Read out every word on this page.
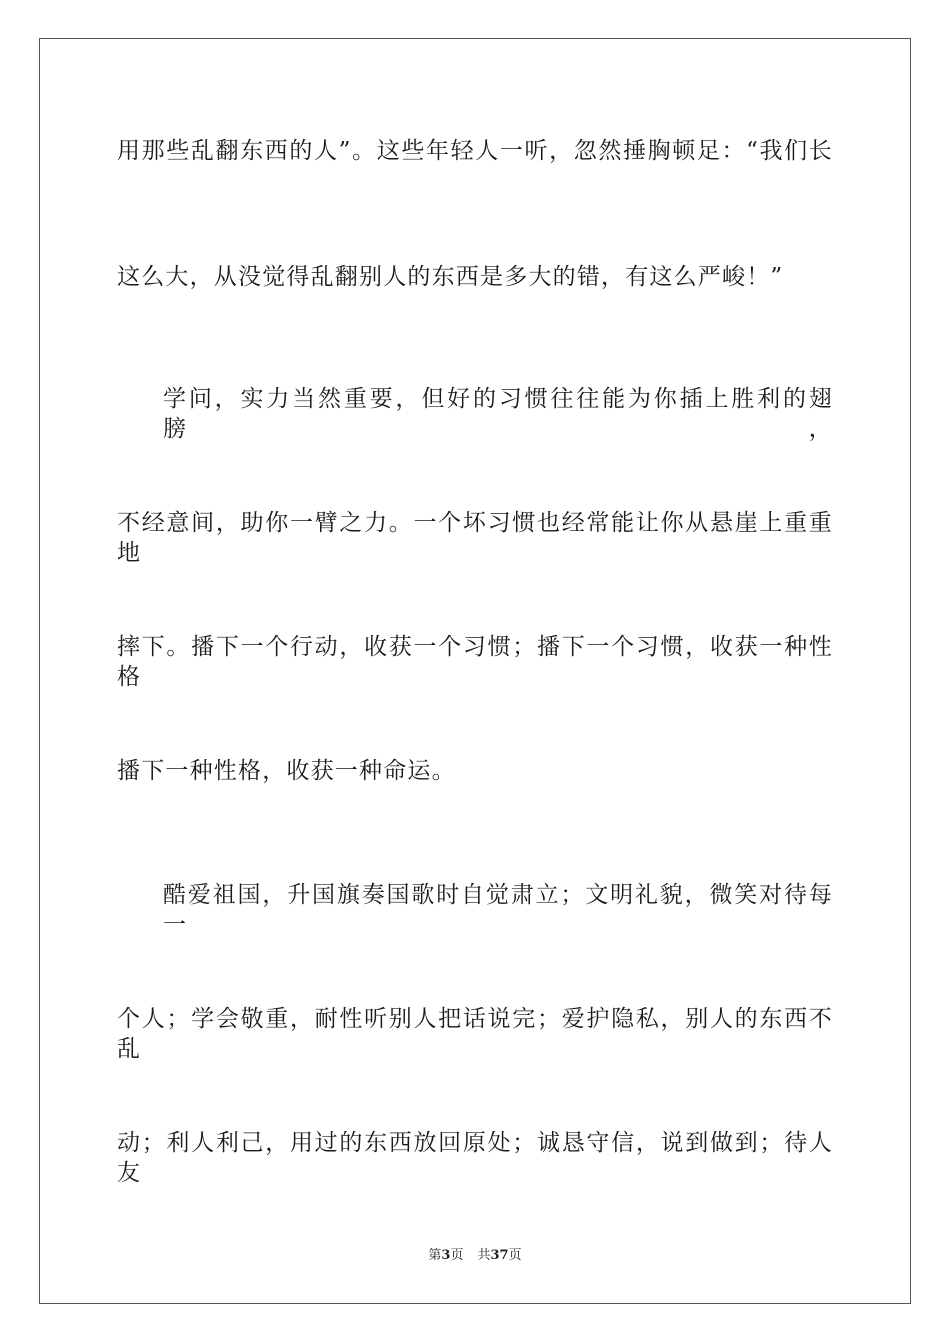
用那些乱翻东西的人”。这些年轻人一听，忽然捶胸顿足：“我们长
这么大，从没觉得乱翻别人的东西是多大的错，有这么严峻！”
学问，实力当然重要，但好的习惯往往能为你插上胜利的翅膀，
不经意间，助你一臂之力。一个坏习惯也经常能让你从悬崖上重重地
摔下。播下一个行动，收获一个习惯；播下一个习惯，收获一种性格
播下一种性格，收获一种命运。
酷爱祖国，升国旗奏国歌时自觉肃立；文明礼貌，微笑对待每一
个人；学会敬重，耐性听别人把话说完；爱护隐私，别人的东西不乱
动；利人利己，用过的东西放回原处；诚恳守信，说到做到；待人友
第3页 共37页
